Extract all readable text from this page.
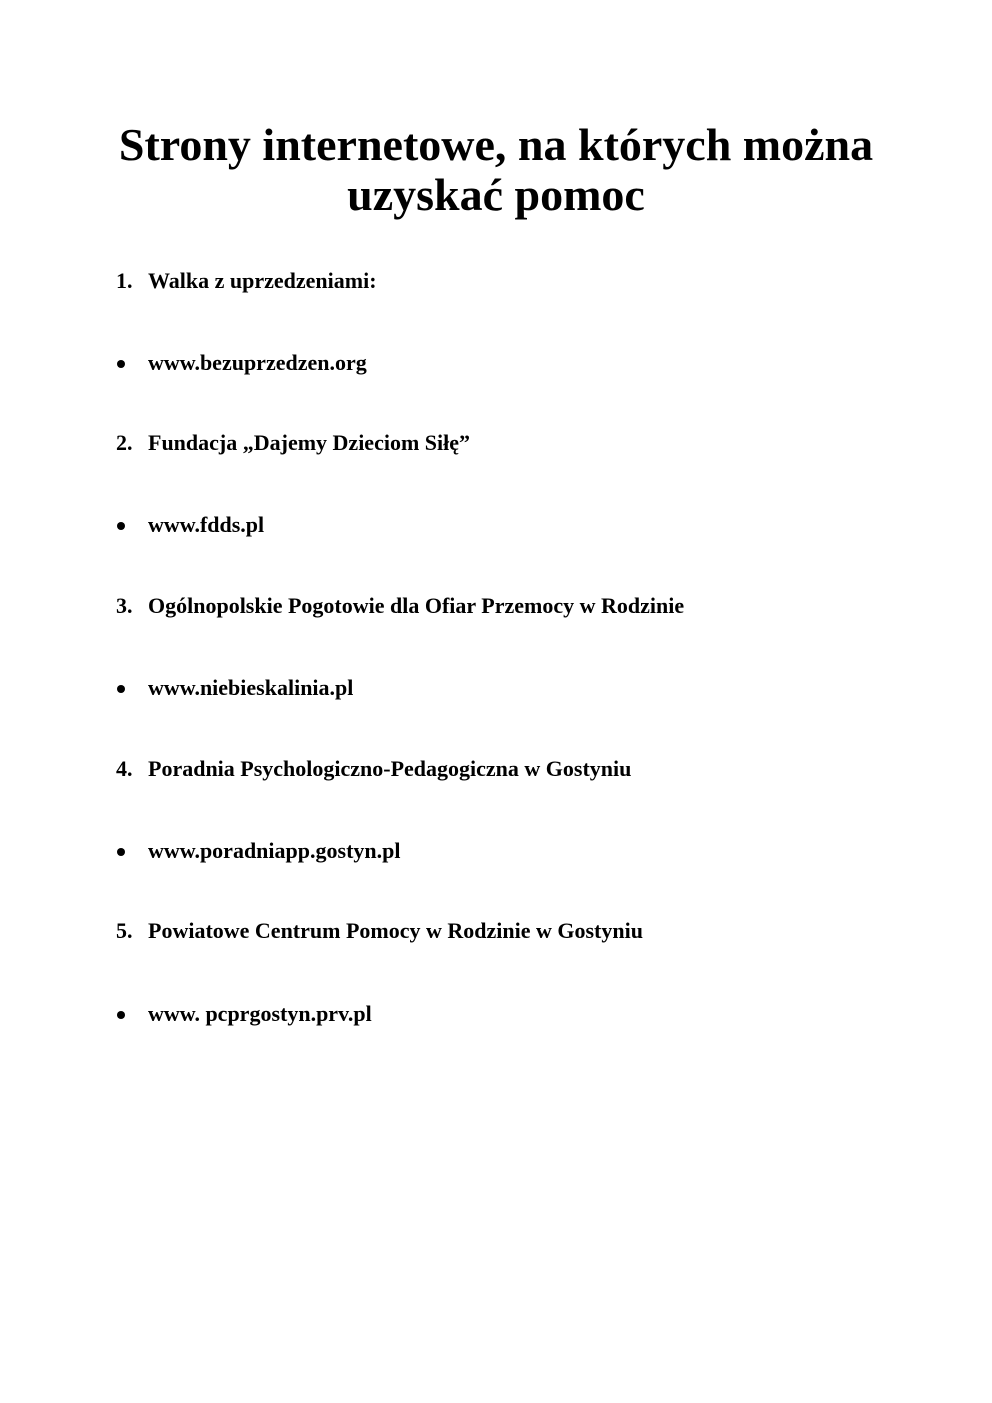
Strony internetowe, na których można
uzyskać pomoc
1. Walka z uprzedzeniami:
www.bezuprzedzen.org
2. Fundacja „Dajemy Dzieciom Siłę”
www.fdds.pl
3. Ogólnopolskie Pogotowie dla Ofiar Przemocy w Rodzinie
www.niebieskalinia.pl
4. Poradnia Psychologiczno-Pedagogiczna w Gostyniu
www.poradniapp.gostyn.pl
5. Powiatowe Centrum Pomocy w Rodzinie w Gostyniu
www. pcprgostyn.prv.pl
